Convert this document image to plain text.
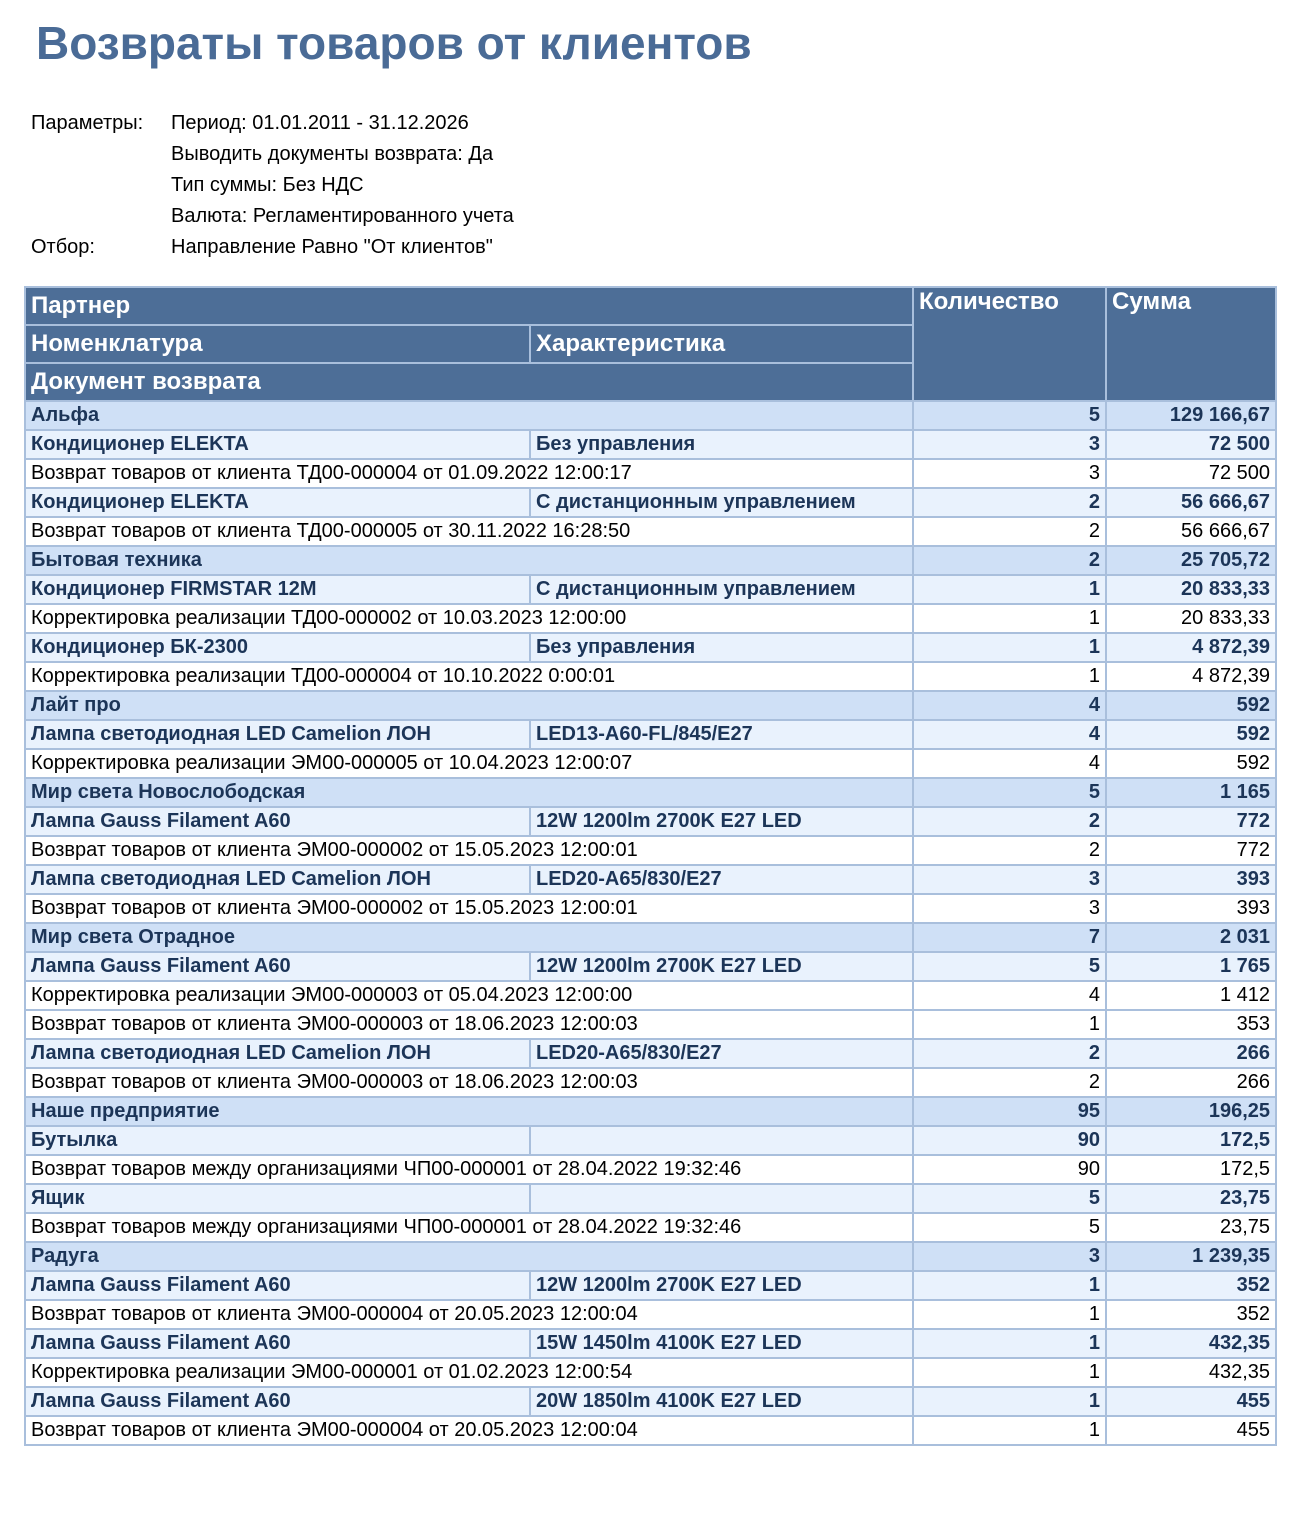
Возвраты товаров от клиентов
Параметры: Период: 01.01.2011 - 31.12.2026
Выводить документы возврата: Да
Тип суммы: Без НДС
Валюта: Регламентированного учета
Отбор:	Направление Равно "От клиентов"
Партнер		Количество	Сумма
Номенклатура	Характеристика		
Документ возврата			
Альфа		5	129 166,67
Кондиционер ELEKTA	Без управления	3	72 500
Возврат товаров от клиента ТД00-000004 от 01.09.2022 12:00:17		3	72 500
Кондиционер ELEKTA	С дистанционным управлением	2	56 666,67
Возврат товаров от клиента ТД00-000005 от 30.11.2022 16:28:50		2	56 666,67
Бытовая техника		2	25 705,72
Кондиционер FIRMSTAR 12M	С дистанционным управлением	1	20 833,33
Корректировка реализации ТД00-000002 от 10.03.2023 12:00:00		1	20 833,33
Кондиционер БК-2300	Без управления	1	4 872,39
Корректировка реализации ТД00-000004 от 10.10.2022 0:00:01		1	4 872,39
Лайт про		4	592
Лампа светодиодная LED Camelion ЛОН	LED13-A60-FL/845/E27	4	592
Корректировка реализации ЭМ00-000005 от 10.04.2023 12:00:07		4	592
Мир света Новослободская		5	1 165
Лампа Gauss Filament A60	12W 1200lm 2700K E27 LED	2	772
Возврат товаров от клиента ЭМ00-000002 от 15.05.2023 12:00:01		2	772
Лампа светодиодная LED Camelion ЛОН	LED20-A65/830/E27	3	393
Возврат товаров от клиента ЭМ00-000002 от 15.05.2023 12:00:01		3	393
Мир света Отрадное		7	2 031
Лампа Gauss Filament A60	12W 1200lm 2700K E27 LED	5	1 765
Корректировка реализации ЭМ00-000003 от 05.04.2023 12:00:00		4	1 412
Возврат товаров от клиента ЭМ00-000003 от 18.06.2023 12:00:03		1	353
Лампа светодиодная LED Camelion ЛОН	LED20-A65/830/E27	2	266
Возврат товаров от клиента ЭМ00-000003 от 18.06.2023 12:00:03		2	266
Наше предприятие		95	196,25
Бутылка		90	172,5
Возврат товаров между организациями ЧП00-000001 от 28.04.2022 19:32:46		90	172,5
Ящик		5	23,75
Возврат товаров между организациями ЧП00-000001 от 28.04.2022 19:32:46		5	23,75
Радуга		3	1 239,35
Лампа Gauss Filament A60	12W 1200lm 2700K E27 LED	1	352
Возврат товаров от клиента ЭМ00-000004 от 20.05.2023 12:00:04		1	352
Лампа Gauss Filament A60	15W 1450lm 4100K E27 LED	1	432,35
Корректировка реализации ЭМ00-000001 от 01.02.2023 12:00:54		1	432,35
Лампа Gauss Filament A60	20W 1850lm 4100K E27 LED	1	455
Возврат товаров от клиента ЭМ00-000004 от 20.05.2023 12:00:04		1	455
